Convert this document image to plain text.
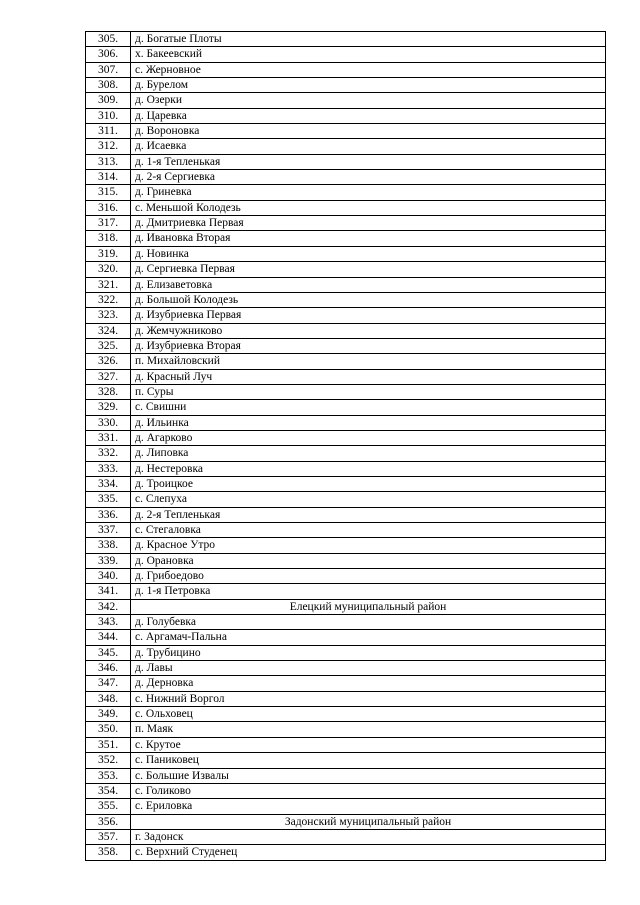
305.	д. Богатые Плоты
306.	х. Бакеевский
307.	с. Жерновное
308.	д. Бурелом
309.	д. Озерки
310.	д. Царевка
311.	д. Вороновка
312.	д. Исаевка
313.	д. 1-я Тепленькая
314.	д. 2-я Сергиевка
315.	д. Гриневка
316.	с. Меньшой Колодезь
317.	д. Дмитриевка Первая
318.	д. Ивановка Вторая
319.	д. Новинка
320.	д. Сергиевка Первая
321.	д. Елизаветовка
322.	д. Большой Колодезь
323.	д. Изубриевка Первая
324.	д. Жемчужниково
325.	д. Изубриевка Вторая
326.	п. Михайловский
327.	д. Красный Луч
328.	п. Суры
329.	с. Свишни
330.	д. Ильинка
331.	д. Агарково
332.	д. Липовка
333.	д. Нестеровка
334.	д. Троицкое
335.	с. Слепуха
336.	д. 2-я Тепленькая
337.	с. Стегаловка
338.	д. Красное Утро
339.	д. Орановка
340.	д. Грибоедово
341.	д. 1-я Петровка
342.	Елецкий муниципальный район
343.	д. Голубевка
344.	с. Аргамач-Пальна
345.	д. Трубицино
346.	д. Лавы
347.	д. Дерновка
348.	с. Нижний Воргол
349.	с. Ольховец
350.	п. Маяк
351.	с. Крутое
352.	с. Паниковец
353.	с. Большие Извалы
354.	с. Голиково
355.	с. Ериловка
356.	Задонский муниципальный район
357.	г. Задонск
358.	с. Верхний Студенец
